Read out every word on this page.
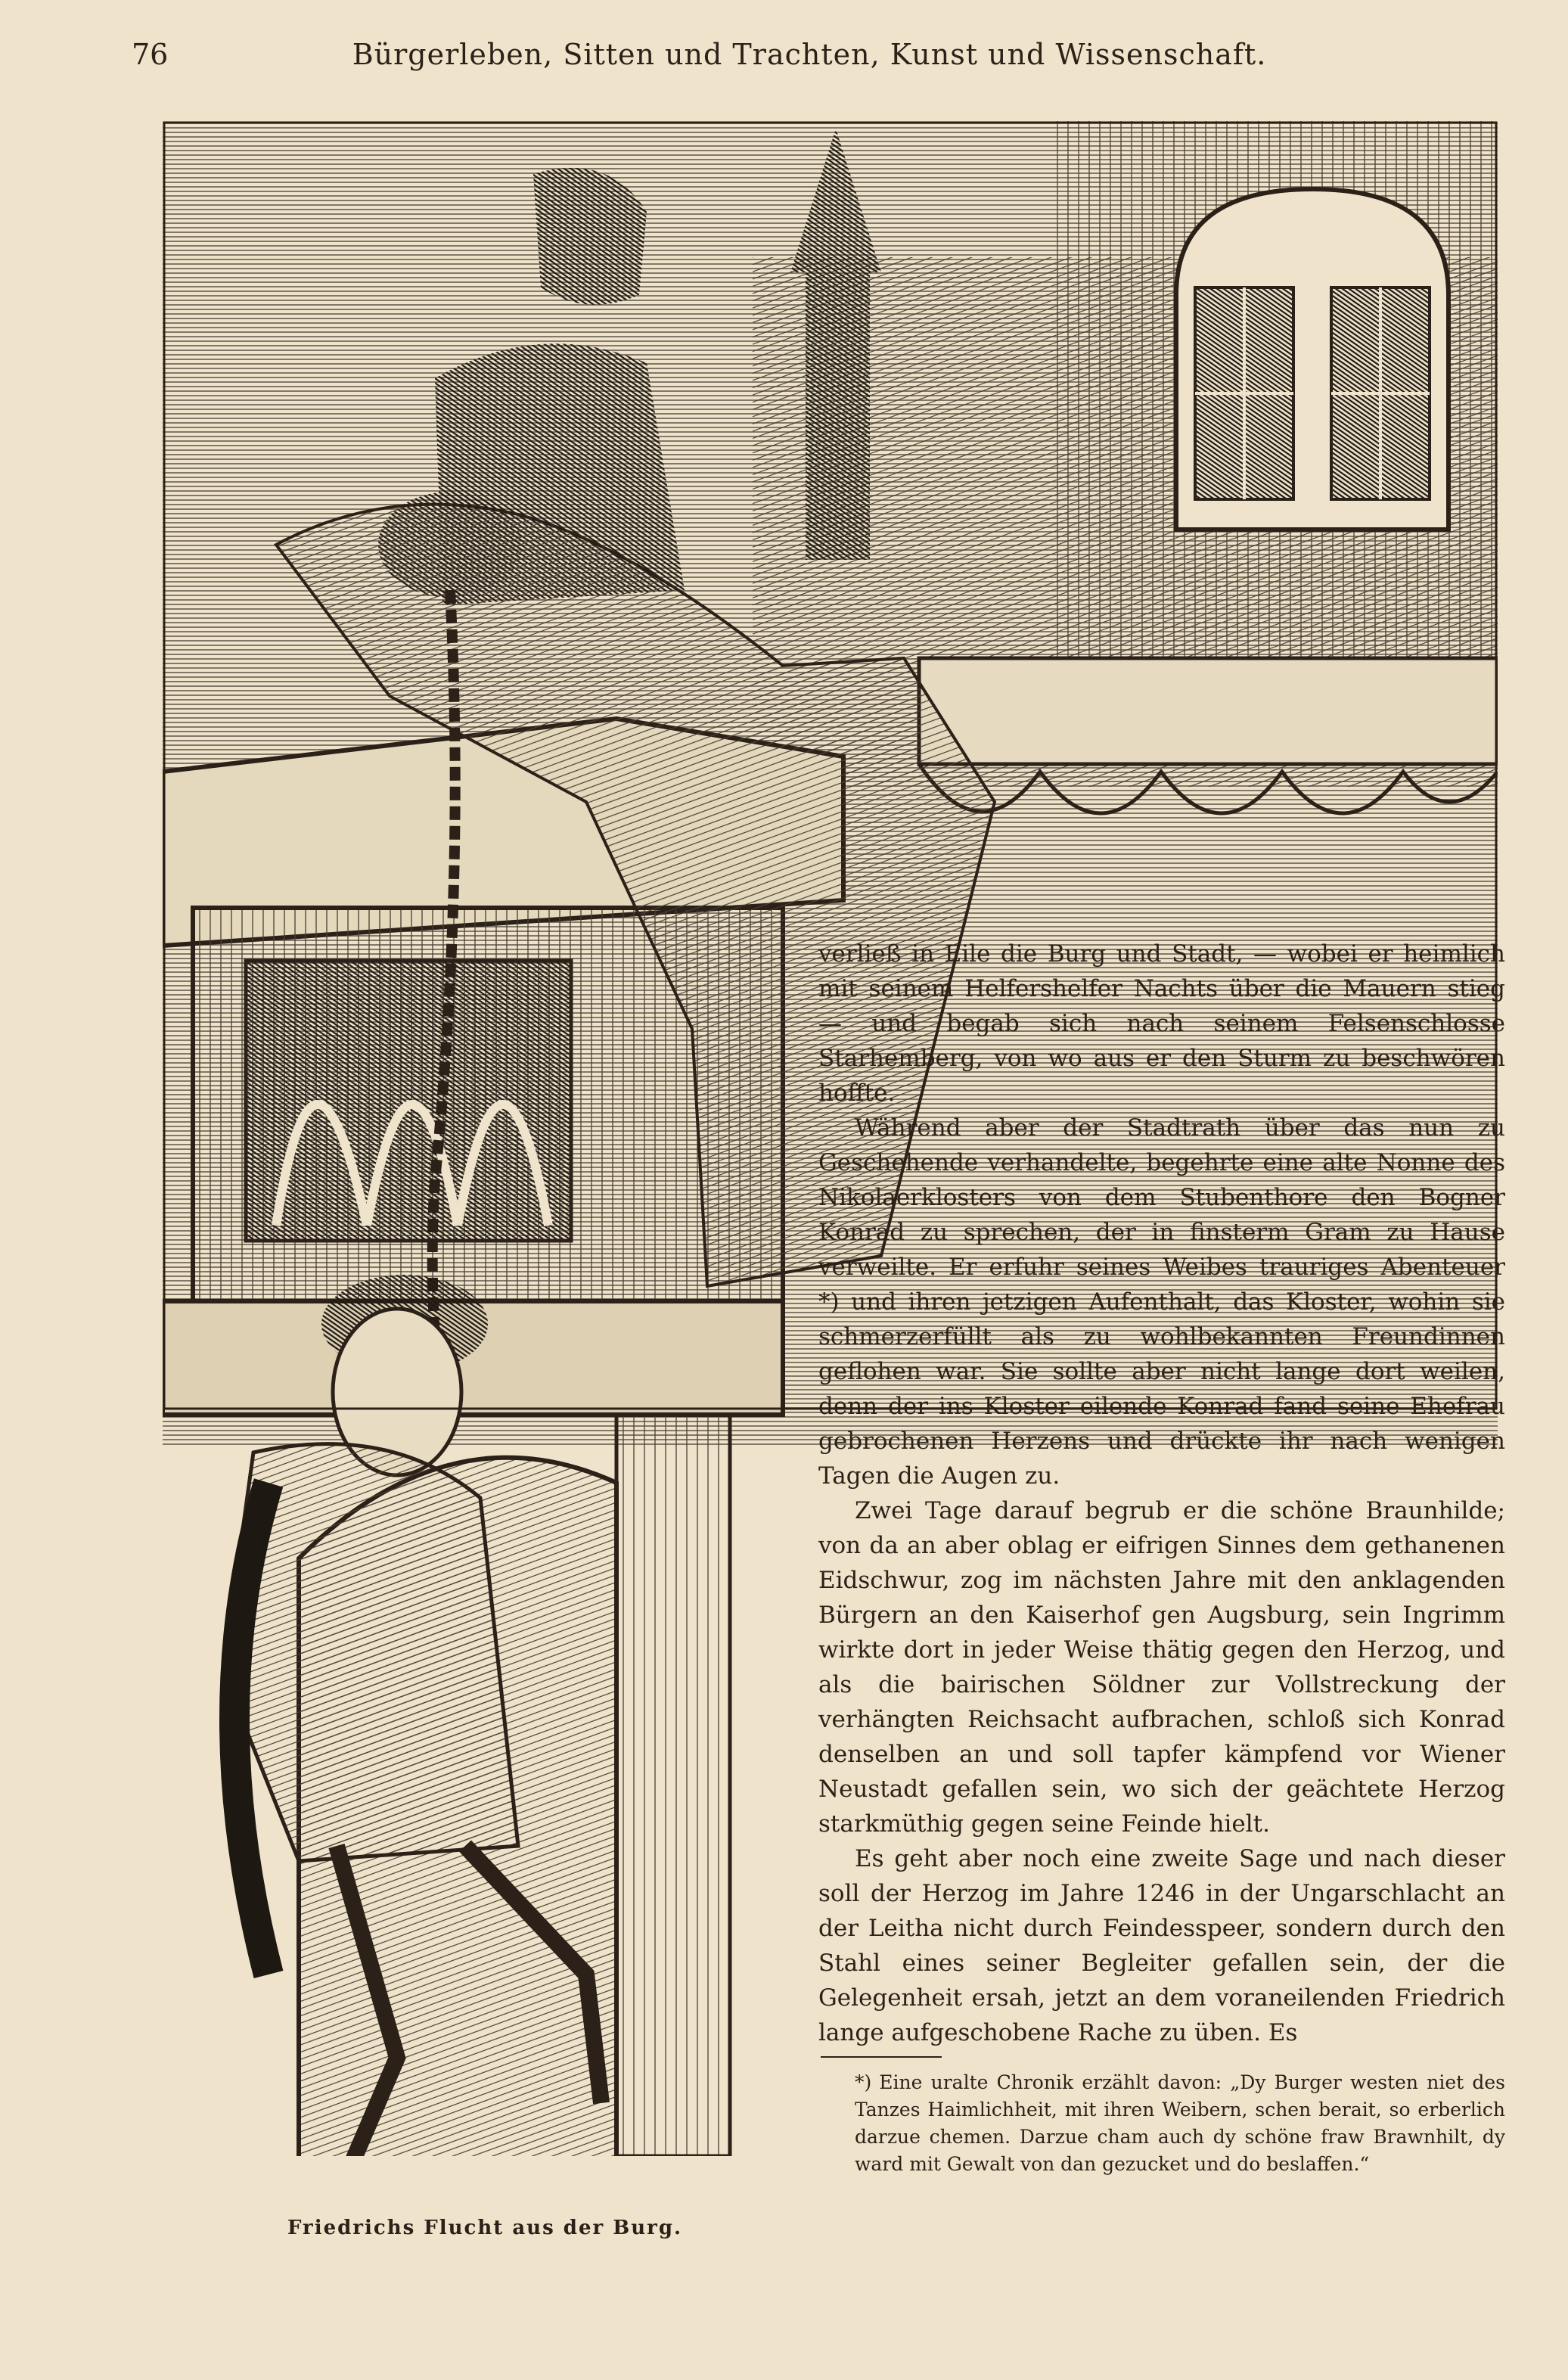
76	Bürgerleben, Sitten und Trachten, Kunst und Wissenschaft.
Friedrichs Flucht aus der Burg.

verließ in Eile die Burg und Stadt, — wobei er heimlich mit seinem Helfershelfer Nachts über die Mauern stieg — und begab sich nach seinem Felsenschlosse Starhemberg, von wo aus er den Sturm zu beschwören hoffte.

Während aber der Stadtrath über das nun zu Geschehende verhandelte, begehrte eine alte Nonne des Nikolaerklosters von dem Stubenthore den Bogner Konrad zu sprechen, der in finsterm Gram zu Hause verweilte. Er erfuhr seines Weibes trauriges Abenteuer *) und ihren jetzigen Aufenthalt, das Kloster, wohin sie schmerzerfüllt als zu wohlbekannten Freundinnen geflohen war. Sie sollte aber nicht lange dort weilen, denn der ins Kloster eilende Konrad fand seine Ehefrau gebrochenen Herzens und drückte ihr nach wenigen Tagen die Augen zu.

Zwei Tage darauf begrub er die schöne Braunhilde; von da an aber oblag er eifrigen Sinnes dem gethanenen Eidschwur, zog im nächsten Jahre mit den anklagenden Bürgern an den Kaiserhof gen Augsburg, sein Ingrimm wirkte dort in jeder Weise thätig gegen den Herzog, und als die bairischen Söldner zur Vollstreckung der verhängten Reichsacht aufbrachen, schloß sich Konrad denselben an und soll tapfer kämpfend vor Wiener Neustadt gefallen sein, wo sich der geächtete Herzog starkmüthig gegen seine Feinde hielt.

Es geht aber noch eine zweite Sage und nach dieser soll der Herzog im Jahre 1246 in der Ungarschlacht an der Leitha nicht durch Feindesspeer, sondern durch den Stahl eines seiner Begleiter gefallen sein, der die Gelegenheit ersah, jetzt an dem voraneilenden Friedrich lange aufgeschobene Rache zu üben. Es

*) Eine uralte Chronik erzählt davon: „Dy Burger westen niet des Tanzes Haimlichheit, mit ihren Weibern, schen berait, so erberlich darzue chemen. Darzue cham auch dy schöne fraw Brawnhilt, dy ward mit Gewalt von dan gezucket und do beslaffen.“
